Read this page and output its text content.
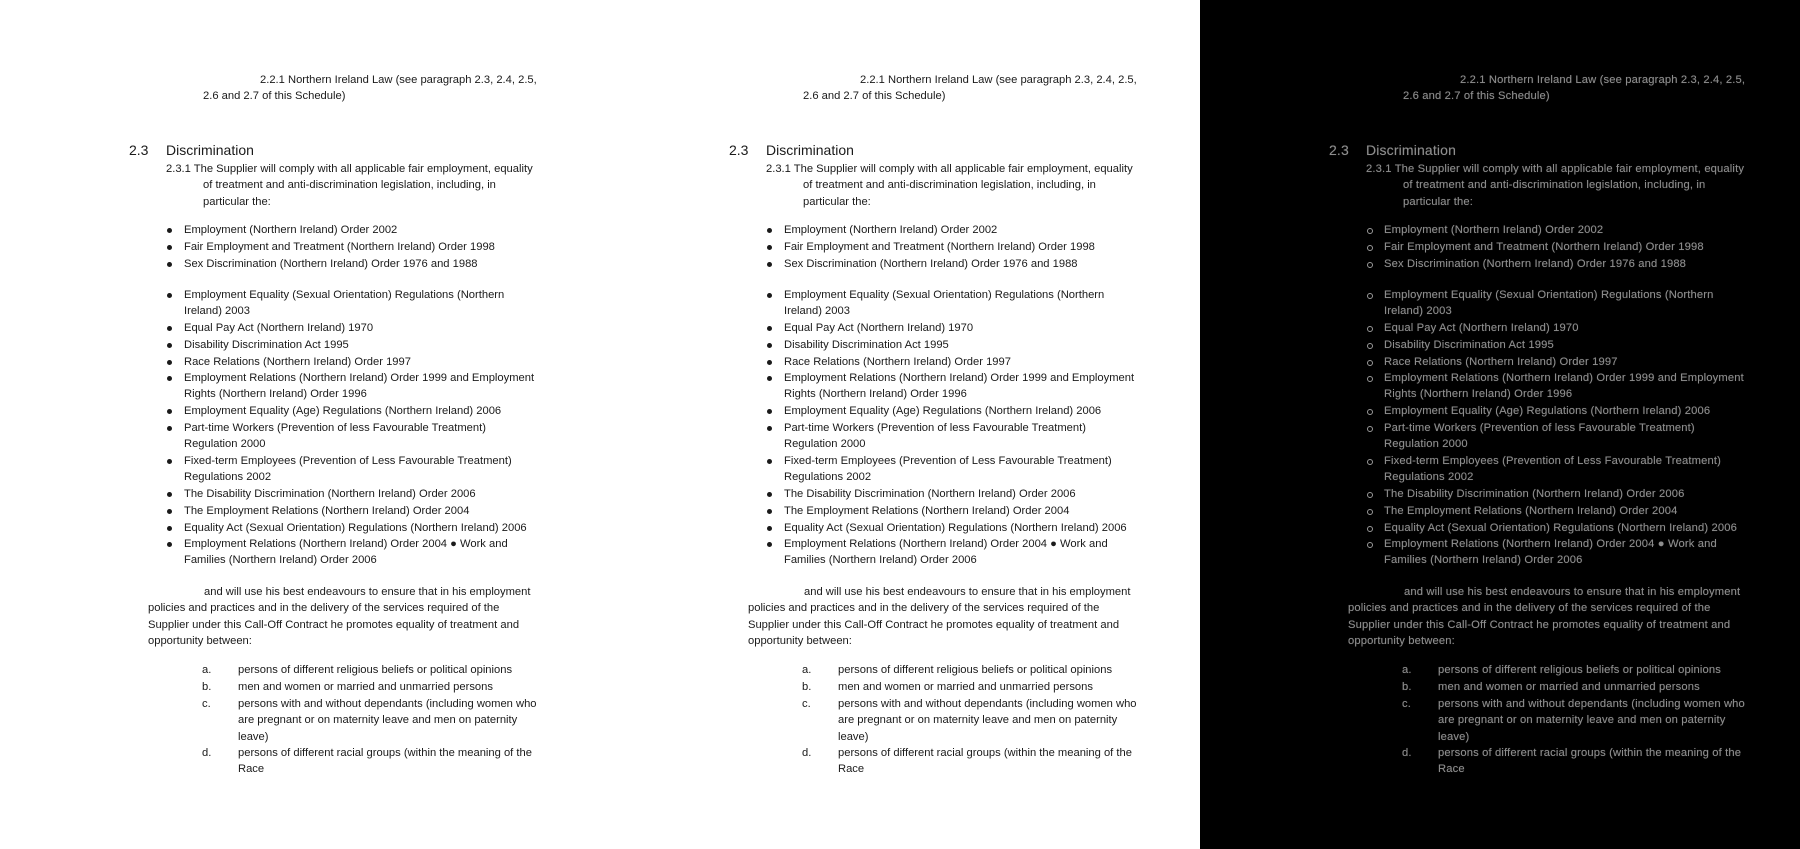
2.2.1 Northern Ireland Law (see paragraph 2.3, 2.4, 2.5,
2.6 and 2.7 of this Schedule)
2.3 Discrimination
2.3.1 The Supplier will comply with all applicable fair employment, equality
of treatment and anti-discrimination legislation, including, in
particular the:
Employment (Northern Ireland) Order 2002
Fair Employment and Treatment (Northern Ireland) Order 1998
Sex Discrimination (Northern Ireland) Order 1976 and 1988
Employment Equality (Sexual Orientation) Regulations (Northern
Ireland) 2003
Equal Pay Act (Northern Ireland) 1970
Disability Discrimination Act 1995
Race Relations (Northern Ireland) Order 1997
Employment Relations (Northern Ireland) Order 1999 and Employment
Rights (Northern Ireland) Order 1996
Employment Equality (Age) Regulations (Northern Ireland) 2006
Part-time Workers (Prevention of less Favourable Treatment)
Regulation 2000
Fixed-term Employees (Prevention of Less Favourable Treatment)
Regulations 2002
The Disability Discrimination (Northern Ireland) Order 2006
The Employment Relations (Northern Ireland) Order 2004
Equality Act (Sexual Orientation) Regulations (Northern Ireland) 2006
Employment Relations (Northern Ireland) Order 2004 ● Work and
Families (Northern Ireland) Order 2006
and will use his best endeavours to ensure that in his employment
policies and practices and in the delivery of the services required of the
Supplier under this Call-Off Contract he promotes equality of treatment and
opportunity between:
a. persons of different religious beliefs or political opinions
b. men and women or married and unmarried persons
c. persons with and without dependants (including women who
are pregnant or on maternity leave and men on paternity
leave)
d. persons of different racial groups (within the meaning of the
Race
2.2.1 Northern Ireland Law (see paragraph 2.3, 2.4, 2.5,
2.6 and 2.7 of this Schedule)
2.3 Discrimination
2.3.1 The Supplier will comply with all applicable fair employment, equality
of treatment and anti-discrimination legislation, including, in
particular the:
Employment (Northern Ireland) Order 2002
Fair Employment and Treatment (Northern Ireland) Order 1998
Sex Discrimination (Northern Ireland) Order 1976 and 1988
Employment Equality (Sexual Orientation) Regulations (Northern
Ireland) 2003
Equal Pay Act (Northern Ireland) 1970
Disability Discrimination Act 1995
Race Relations (Northern Ireland) Order 1997
Employment Relations (Northern Ireland) Order 1999 and Employment
Rights (Northern Ireland) Order 1996
Employment Equality (Age) Regulations (Northern Ireland) 2006
Part-time Workers (Prevention of less Favourable Treatment)
Regulation 2000
Fixed-term Employees (Prevention of Less Favourable Treatment)
Regulations 2002
The Disability Discrimination (Northern Ireland) Order 2006
The Employment Relations (Northern Ireland) Order 2004
Equality Act (Sexual Orientation) Regulations (Northern Ireland) 2006
Employment Relations (Northern Ireland) Order 2004 ● Work and
Families (Northern Ireland) Order 2006
and will use his best endeavours to ensure that in his employment
policies and practices and in the delivery of the services required of the
Supplier under this Call-Off Contract he promotes equality of treatment and
opportunity between:
a. persons of different religious beliefs or political opinions
b. men and women or married and unmarried persons
c. persons with and without dependants (including women who
are pregnant or on maternity leave and men on paternity
leave)
d. persons of different racial groups (within the meaning of the
Race
2.2.1 Northern Ireland Law (see paragraph 2.3, 2.4, 2.5,
2.6 and 2.7 of this Schedule)
2.3 Discrimination
2.3.1 The Supplier will comply with all applicable fair employment, equality
of treatment and anti-discrimination legislation, including, in
particular the:
Employment (Northern Ireland) Order 2002
Fair Employment and Treatment (Northern Ireland) Order 1998
Sex Discrimination (Northern Ireland) Order 1976 and 1988
Employment Equality (Sexual Orientation) Regulations (Northern
Ireland) 2003
Equal Pay Act (Northern Ireland) 1970
Disability Discrimination Act 1995
Race Relations (Northern Ireland) Order 1997
Employment Relations (Northern Ireland) Order 1999 and Employment
Rights (Northern Ireland) Order 1996
Employment Equality (Age) Regulations (Northern Ireland) 2006
Part-time Workers (Prevention of less Favourable Treatment)
Regulation 2000
Fixed-term Employees (Prevention of Less Favourable Treatment)
Regulations 2002
The Disability Discrimination (Northern Ireland) Order 2006
The Employment Relations (Northern Ireland) Order 2004
Equality Act (Sexual Orientation) Regulations (Northern Ireland) 2006
Employment Relations (Northern Ireland) Order 2004 ● Work and
Families (Northern Ireland) Order 2006
and will use his best endeavours to ensure that in his employment
policies and practices and in the delivery of the services required of the
Supplier under this Call-Off Contract he promotes equality of treatment and
opportunity between:
a. persons of different religious beliefs or political opinions
b. men and women or married and unmarried persons
c. persons with and without dependants (including women who
are pregnant or on maternity leave and men on paternity
leave)
d. persons of different racial groups (within the meaning of the
Race
